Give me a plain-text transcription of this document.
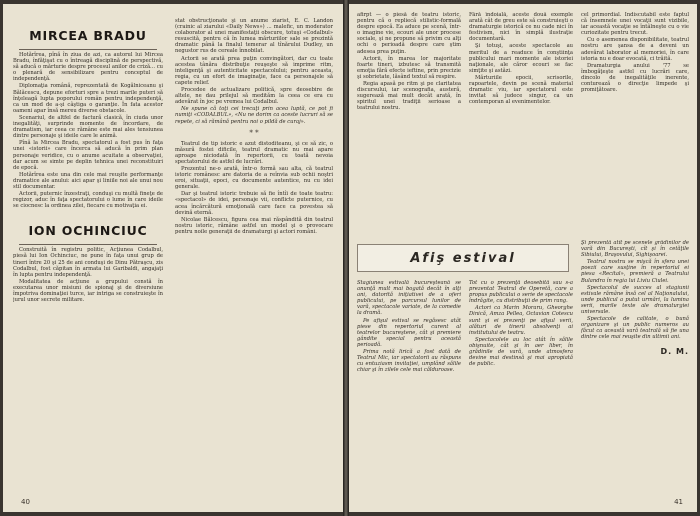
MIRCEA BRADU

Hotărîrea, pînă în ziua de azi, ca autorul lui Mircea Bradu, înfăţişat cu o întreagă disciplină de perspectivă, să aducă o mărturie despre procesul anilor de criză... cu o plenară de sensibilizare pentru conceptul de independenţă.

Diplomaţia română, reprezentată de Kogălniceanu şi Bălăcescu, depune eforturi spre a trezi marile puteri să înţeleagă lupta poporului român pentru independenţă, ca un mod de a-şi câştiga o garanţie. În fata acestor oameni apar însă mereu diverse obstacole.

Scenariul, de altfel de factură clasică, în ciuda unor inegalităţi, surprinde momente de încordare, de dramatism, iar ceea ce rămâne este mai ales tensiunea dintre personaje şi ideile care le animă.

Pînă la Mircea Bradu, spectatorul a fost pus în faţa unei «istorii» care încerca să aducă în prim plan personaje veridice, cu o anume acuitate a observaţiei, dar acum se simte pe deplin tehnica unei reconstituiri de epocă.

Hotărîrea este una din cele mai reuşite performanţe dramatice ale anului: aici apar şi liniile noi ale unui nou stil documentar.

Actorii, puternic înzestraţi, conduşi cu multă fineţe de regizor, aduc în faţa spectatorului o lume în care ideile se ciocnesc la ordinea zilei, fiecare cu motivaţia ei.

ION OCHINCIUC

Construită în registru politic, Acţiunea Codalbul, piesă lui Ion Ochinciuc, ne pune în faţa unui grup de tineri între 20 şi 25 de ani conduşi de Dinu Pătraşcu, zis Codalbul, fost căpitan în armata lui Garibaldi, angajaţi în lupta pentru independenţă.

Modalitatea de acţiune a grupului constă în executarea unor misiuni de spionaj şi de diversiune împotriva dominaţiei turce, iar intriga se construieşte în jurul unor secrete militare.

stat obstrucţionate şi un anume ziarist, E. C. Landon (crainic al ziarului «Daily News») ... malefic, un moderator colaborator al unei manifestaţii obscure, totuşi «Codalbul» resuscită, pentru că în lumea mărturiilor sale se prezintă dramatic până la finalul temerar al tînărului Dudley, un negustor rus de cereale înnobilat.

Actorii se arată prea puţin convingători, dar cu toate acestea tânăra distribuţie reuşeşte să imprime ritm, inteligenţă şi autenticitate spectacolului; pentru aceasta, regia, cu un efort de imaginaţie, face ca personajele să capete relief.

Procedee de actualizare politică, spre deosebire de altele, ne dau prilejul să medităm la ceea ce era cu adevărat în joc pe vremea lui Codalbul.

Ne spune că toţi cei trecuţi prin acea luptă, ce pot fi numiţi «CODALBUL», «Nu ne dorim ca aceste lucruri să se repete, ci să rămână pentru noi o pildă de curaj».

* *

Teatrul de tip istoric e azut distoditeanu, şi ce să zic, o măsură fostei dificile, teatrul dramatic nu mai apare aproape niciodată în repertorii, cu toată nevoia spectatorului de astfel de lucrări.

Prezentul ne-o arată, într-o formă sau alta, că teatrul istoric românesc are datoria de a reînvia sub ochii noştri eroi, situaţii, epoci, cu documente autentice, nu cu idei generale.

Dar şi teatrul istoric trebuie să fie întîi de toate teatru: «spectacol» de idei, personaje vii, conflicte puternice, cu acea încărcătură emoţională care face ca povestea să devină eternă.

Nicolae Bălcescu, figura cea mai răspândită din teatrul nostru istoric, rămâne astfel un model şi o provocare pentru noile generaţii de dramaturgi şi actori români.

40

afirpt — o piesă de teatru istoric, pentru că o repliecă stilistic-formală despre epocă. Ea aduce pe scenă, într-o imagine vie, ecouri ale unor procese sociale, şi ne propune să privim cu alţi ochi o perioadă despre care ştim adesea prea puţin.

Actorii, în marea lor majoritate foarte tineri, izbutesc să transmită emoţia fără efecte ieftine, prin precizie şi sobrietate, lăsând textul să respire.

Regia apasă pe ritm şi pe claritatea discursului, iar scenografia, austeră, sugerează mai mult decât arată, în spiritul unei tradiţii serioase a teatrului nostru.

Fără îndoială, aceste două exemple arată cât de greu este să construieşti o dramaturgie istorică ce nu cade nici în festivism, nici în simplă ilustraţie documentară.

Şi totuşi, aceste spectacole au meritul de a readuce în conştiinţa publicului mari momente ale istoriei naţionale, ale căror ecouri se fac simţite şi astăzi.

Mărturiile epocii, scrisorile, rapoartele, devin pe scenă material dramatic viu, iar spectatorul este invitat să judece singur, ca un contemporan al evenimentelor.

cel primordial. Indiscutabil este faptul că însemnele unei vocaţii sunt vizibile, iar această vocaţie se întâlneşte cu o vie curiozitate pentru trecut.

Cu o asemenea disponibilitate, teatrul nostru are şansa de a deveni un adevărat laborator al memoriei, în care istoria nu e doar evocată, ci trăită.

Dramaturgia anului '77 se îmbogăţeşte astfel cu lucrări care, dincolo de inegalităţile inerente, conturează o direcţie limpede şi promiţătoare.

Afiş estival

Stagiunea estivală bucureşteană se anunţă mult mai bogată decât în alţi ani, datorită iniţiativei de a oferi publicului, pe parcursul lunilor de vară, spectacole variate, de la comedie la dramă.

Pe afişul estival se regăsesc atât piese din repertoriul curent al teatrelor bucureştene, cât şi premiere gândite special pentru această perioadă.

Prima notă lirică a fost dată de Teatrul Mic, iar spectatorii au răspuns cu entuziasm invitaţiei, umplând sălile chiar şi în zilele cele mai călduroase.

Tot cu o prezenţă deosebită sau s-a prezentat Teatrul de Operetă, care a propus publicului o serie de spectacole îndrăgite, cu distribuţii de prim rang.

Actori ca Marin Moraru, Gheorghe Dinică, Amza Pellea, Octavian Cotescu sunt şi ei prezenţi pe afişul verii, alături de tinerii absolvenţi ai institutului de teatru.

Spectacolele au loc atât în sălile obişnuite, cât şi în aer liber, în grădinile de vară, unde atmosfera devine mai destinsă şi mai apropiată de public.

Şi prezentă atît pe scenele grădinilor de vară din Bucureşti, cît şi în cetăţile Sibiului, Braşovului, Sighişoarei.

Teatrul nostru se mişcă în sfera unei poezii care susţine în repertoriul ei piesa «Recital», premieră a Teatrului Bulandra în regia lui Liviu Ciulei.

Spectacolul de succes al stagiunii estivale rămâne însă cel al Naţionalului, unde publicul a putut urmări, la lumina serii, marile texte ale dramaturgiei universale.

Spectacole de calitate, o bună organizare şi un public numeros au făcut ca această vară teatrală să fie una dintre cele mai reuşite din ultimii ani.

D. M.
41
